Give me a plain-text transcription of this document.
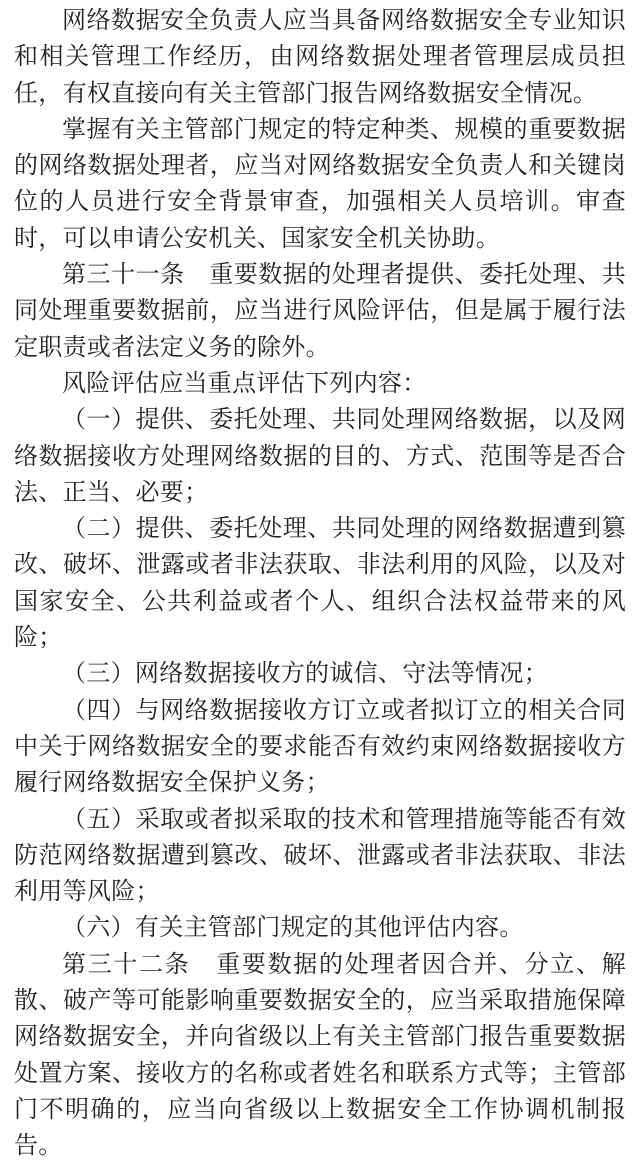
网络数据安全负责人应当具备网络数据安全专业知识和相关管理工作经历，由网络数据处理者管理层成员担任，有权直接向有关主管部门报告网络数据安全情况。

掌握有关主管部门规定的特定种类、规模的重要数据的网络数据处理者，应当对网络数据安全负责人和关键岗位的人员进行安全背景审查，加强相关人员培训。审查时，可以申请公安机关、国家安全机关协助。

第三十一条　重要数据的处理者提供、委托处理、共同处理重要数据前，应当进行风险评估，但是属于履行法定职责或者法定义务的除外。

风险评估应当重点评估下列内容：

（一）提供、委托处理、共同处理网络数据，以及网络数据接收方处理网络数据的目的、方式、范围等是否合法、正当、必要；

（二）提供、委托处理、共同处理的网络数据遭到篡改、破坏、泄露或者非法获取、非法利用的风险，以及对国家安全、公共利益或者个人、组织合法权益带来的风险；

（三）网络数据接收方的诚信、守法等情况；

（四）与网络数据接收方订立或者拟订立的相关合同中关于网络数据安全的要求能否有效约束网络数据接收方履行网络数据安全保护义务；

（五）采取或者拟采取的技术和管理措施等能否有效防范网络数据遭到篡改、破坏、泄露或者非法获取、非法利用等风险；

（六）有关主管部门规定的其他评估内容。

第三十二条　重要数据的处理者因合并、分立、解散、破产等可能影响重要数据安全的，应当采取措施保障网络数据安全，并向省级以上有关主管部门报告重要数据处置方案、接收方的名称或者姓名和联系方式等；主管部门不明确的，应当向省级以上数据安全工作协调机制报告。
